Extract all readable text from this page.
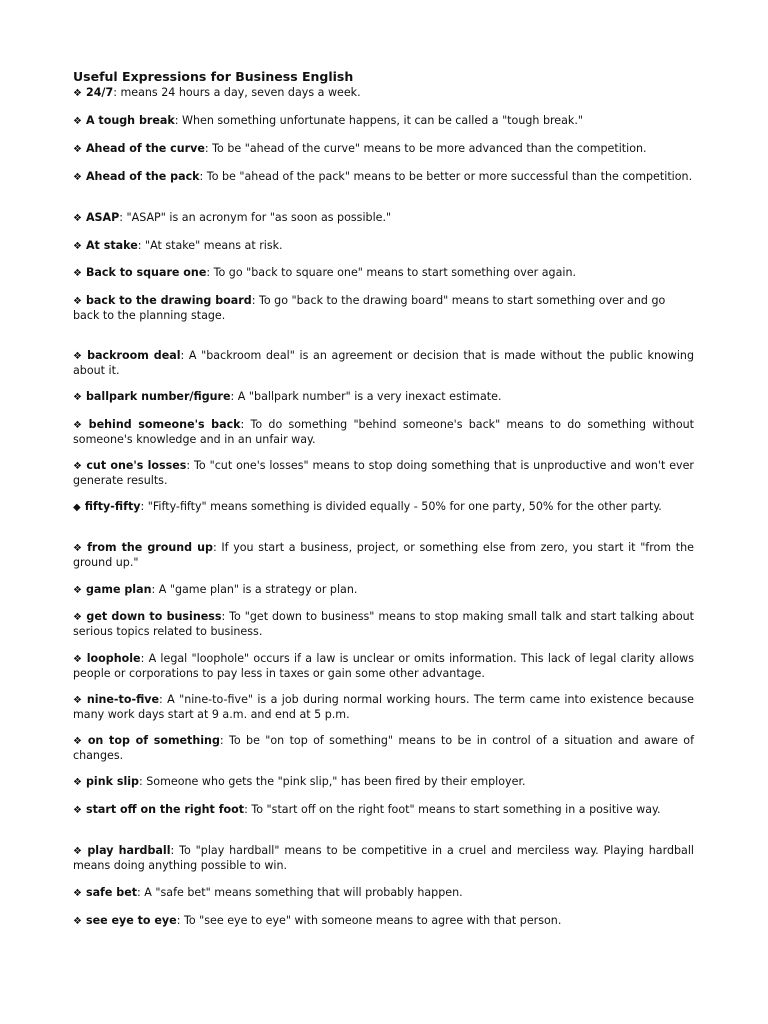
Useful Expressions for Business English
❖ 24/7: means 24 hours a day, seven days a week.
❖ A tough break: When something unfortunate happens, it can be called a "tough break."
❖ Ahead of the curve: To be "ahead of the curve" means to be more advanced than the competition.
❖ Ahead of the pack: To be "ahead of the pack" means to be better or more successful than the competition.
❖ ASAP: "ASAP" is an acronym for "as soon as possible."
❖ At stake: "At stake" means at risk.
❖ Back to square one: To go "back to square one" means to start something over again.
❖ back to the drawing board: To go "back to the drawing board" means to start something over and go
back to the planning stage.
❖ backroom deal: A "backroom deal" is an agreement or decision that is made without the public knowing about it.
❖ ballpark number/figure: A "ballpark number" is a very inexact estimate.
❖ behind someone's back: To do something "behind someone's back" means to do something without someone's knowledge and in an unfair way.
❖ cut one's losses: To "cut one's losses" means to stop doing something that is unproductive and won't ever generate results.
◆ fifty-fifty: "Fifty-fifty" means something is divided equally - 50% for one party, 50% for the other party.
❖ from the ground up: If you start a business, project, or something else from zero, you start it "from the ground up."
❖ game plan: A "game plan" is a strategy or plan.
❖ get down to business: To "get down to business" means to stop making small talk and start talking about serious topics related to business.
❖ loophole: A legal "loophole" occurs if a law is unclear or omits information. This lack of legal clarity allows people or corporations to pay less in taxes or gain some other advantage.
❖ nine-to-five: A "nine-to-five" is a job during normal working hours. The term came into existence because many work days start at 9 a.m. and end at 5 p.m.
❖ on top of something: To be "on top of something" means to be in control of a situation and aware of changes.
❖ pink slip: Someone who gets the "pink slip," has been fired by their employer.
❖ start off on the right foot: To "start off on the right foot" means to start something in a positive way.
❖ play hardball: To "play hardball" means to be competitive in a cruel and merciless way. Playing hardball means doing anything possible to win.
❖ safe bet: A "safe bet" means something that will probably happen.
❖ see eye to eye: To "see eye to eye" with someone means to agree with that person.
